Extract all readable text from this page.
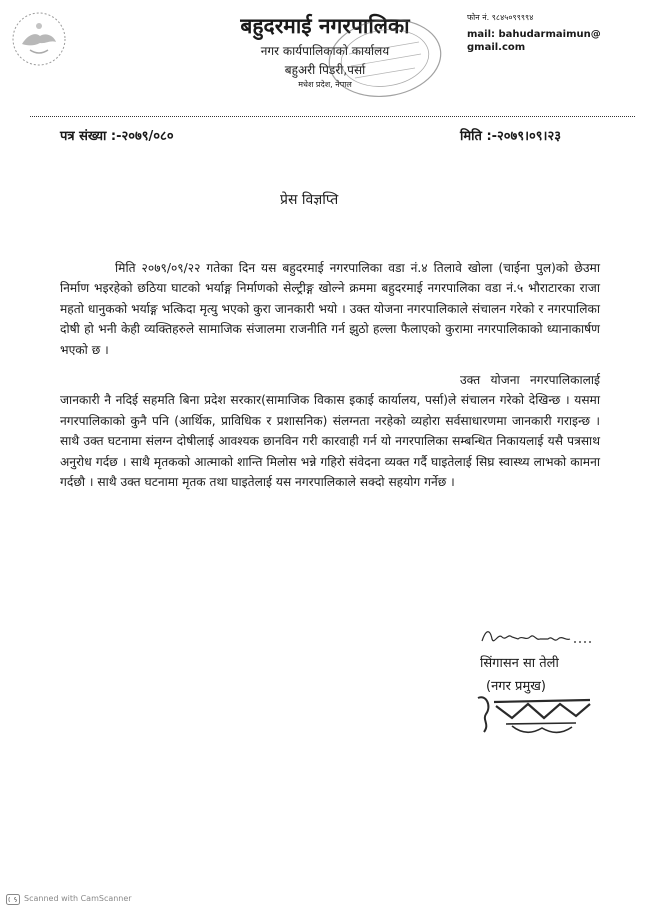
बहुदरमाई नगरपालिका
नगर कार्यपालिकाको कार्यालय
बहुअरी पिडरी,पर्सा
मधेश प्रदेश, नेपाल
फोन नं. ९८४५०९९९९४
mail: bahudarmaimun@
gmail.com
पत्र संख्या :-२०७९/०८०	मिति :-२०७९।०९।२३
प्रेस विज्ञप्ति

मिति २०७९/०९/२२ गतेका दिन यस बहुदरमाई नगरपालिका वडा नं.४ तिलावे खोला (चाईना पुल)को छेउमा निर्माण भइरहेको छठिया घाटको भर्याङ्ग निर्माणको सेल्ट्रीङ्ग खोल्ने क्रममा बहुदरमाई नगरपालिका वडा नं.५ भौराटारका राजा महतो धानुकको भर्याङ्ग भत्किदा मृत्यु भएको कुरा जानकारी भयो । उक्त योजना नगरपालिकाले संचालन गरेको र नगरपालिका दोषी हो भनी केही व्यक्तिहरुले सामाजिक संजालमा राजनीति गर्न झुठो हल्ला फैलाएको कुरामा नगरपालिकाको ध्यानाकार्षण भएको छ ।

उक्त योजना नगरपालिकालाई जानकारी नै नदिई सहमति बिना प्रदेश सरकार(सामाजिक विकास इकाई कार्यालय, पर्सा)ले संचालन गरेको देखिन्छ । यसमा नगरपालिकाको कुनै पनि (आर्थिक, प्राविधिक र प्रशासनिक) संलग्नता नरहेको व्यहोरा सर्वसाधारणमा जानकारी गराइन्छ । साथै उक्त घटनामा संलग्न दोषीलाई आवश्यक छानविन गरी कारवाही गर्न यो नगरपालिका सम्बन्धित निकायलाई यसै पत्रसाथ अनुरोध गर्दछ । साथै मृतकको आत्माको शान्ति मिलोस भन्ने गहिरो संवेदना व्यक्त गर्दै घाइतेलाई सिघ्र स्वास्थ्य लाभको कामना गर्दछौ । साथै उक्त घटनामा मृतक तथा घाइतेलाई यस नगरपालिकाले सक्दो सहयोग गर्नेछ ।

सिंगासन सा तेली
(नगर प्रमुख)
Scanned with CamScanner
